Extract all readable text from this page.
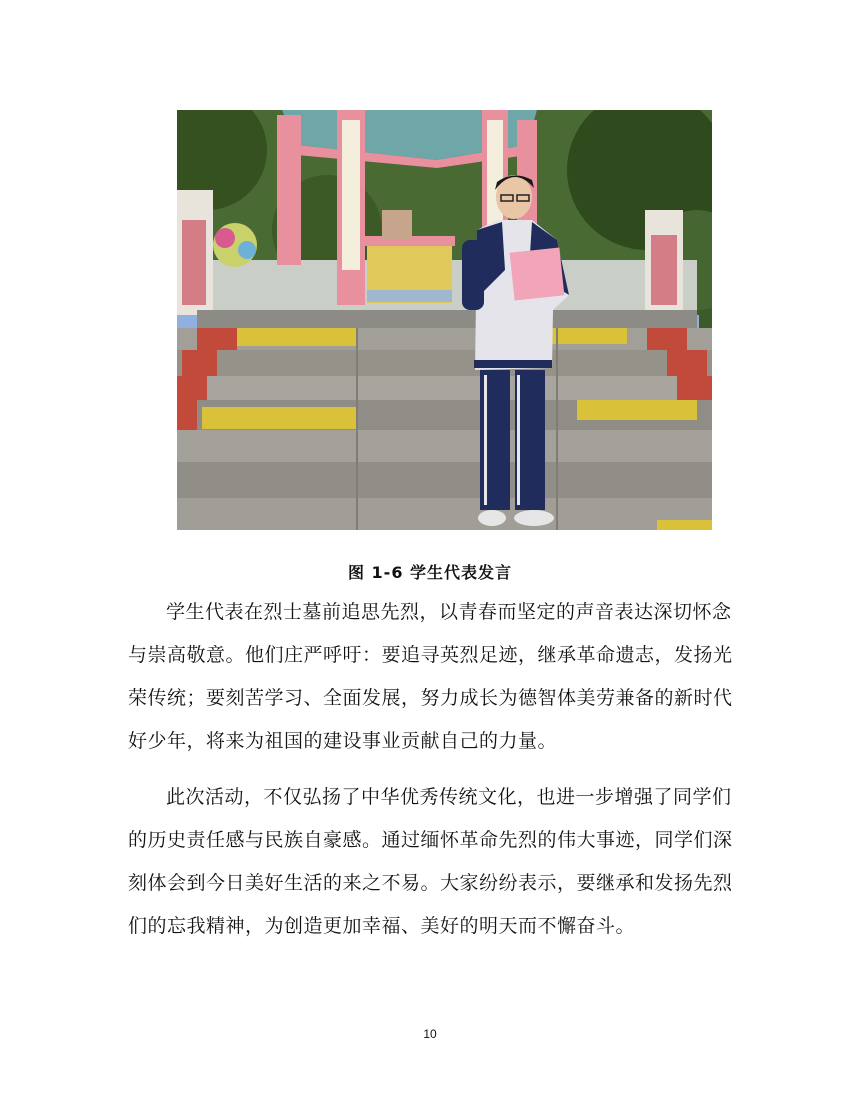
图 1-6 学生代表发言
学生代表在烈士墓前追思先烈，以青春而坚定的声音表达深切怀念
与崇高敬意。他们庄严呼吁：要追寻英烈足迹，继承革命遗志，发扬光
荣传统；要刻苦学习、全面发展，努力成长为德智体美劳兼备的新时代
好少年，将来为祖国的建设事业贡献自己的力量。
此次活动，不仅弘扬了中华优秀传统文化，也进一步增强了同学们
的历史责任感与民族自豪感。通过缅怀革命先烈的伟大事迹，同学们深
刻体会到今日美好生活的来之不易。大家纷纷表示，要继承和发扬先烈
们的忘我精神，为创造更加幸福、美好的明天而不懈奋斗。
10
